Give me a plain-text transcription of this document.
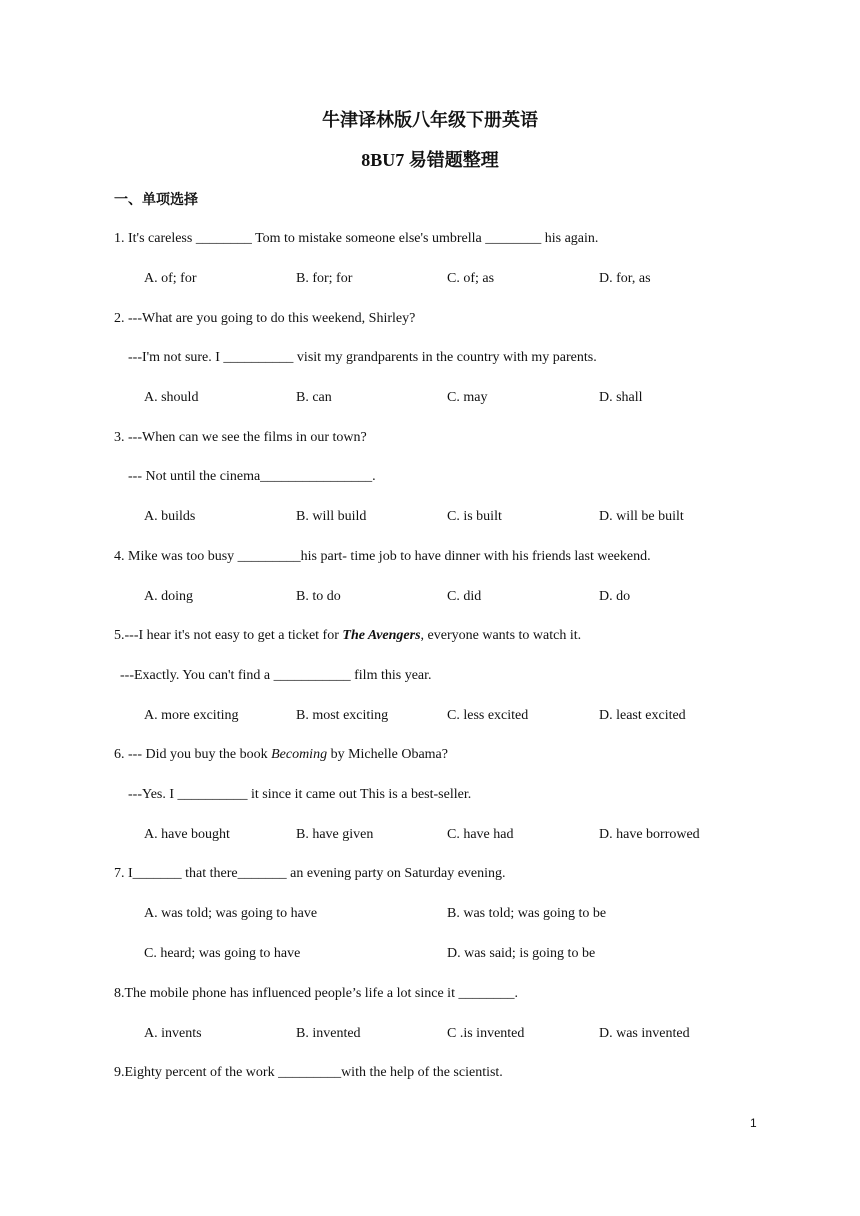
牛津译林版八年级下册英语
8BU7 易错题整理
一、单项选择
1. It's careless ________ Tom to mistake someone else's umbrella ________ his again.
A. of; for	B. for; for	C. of; as	D. for, as
2. ---What are you going to do this weekend, Shirley?
---I'm not sure. I __________ visit my grandparents in the country with my parents.
A. should	B. can	C. may	D. shall
3. ---When can we see the films in our town?
--- Not until the cinema________________.
A. builds	B. will build	C. is built	D. will be built
4. Mike was too busy _________his part- time job to have dinner with his friends last weekend.
A. doing	B. to do	C. did	D. do
5.---I hear it's not easy to get a ticket for The Avengers, everyone wants to watch it.
---Exactly. You can't find a ___________ film this year.
A. more exciting	B. most exciting	C. less excited	D. least excited
6. --- Did you buy the book Becoming by Michelle Obama?
---Yes. I __________ it since it came out This is a best-seller.
A. have bought	B. have given	C. have had	D. have borrowed
7. I_______ that there_______ an evening party on Saturday evening.
A. was told; was going to have	B. was told; was going to be
C. heard; was going to have	D. was said; is going to be
8.The mobile phone has influenced people’s life a lot since it ________.
A. invents	B. invented	C .is invented	D. was invented
9.Eighty percent of the work _________with the help of the scientist.
1
